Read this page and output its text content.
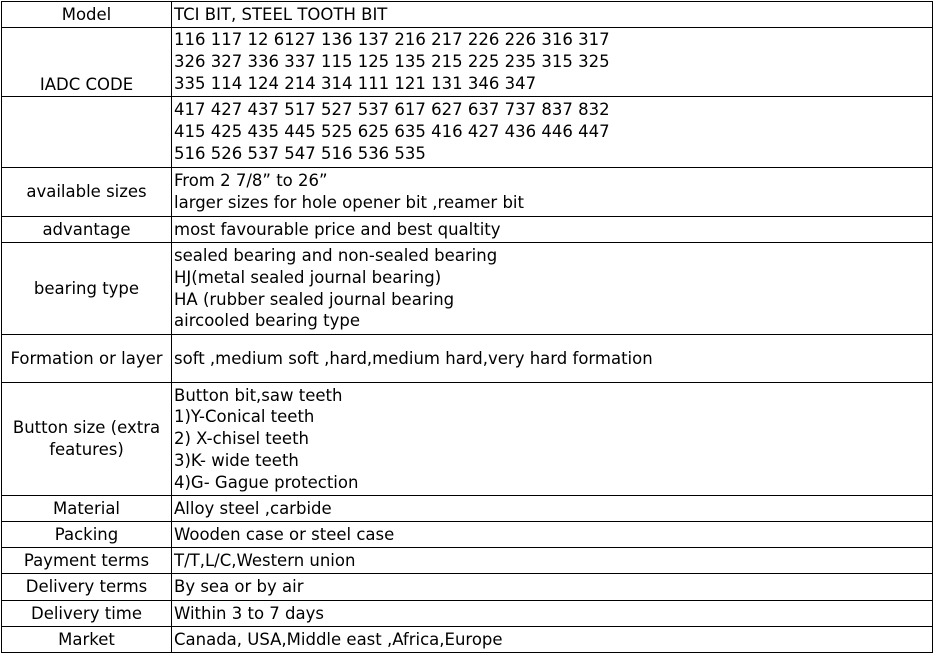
Model	TCI BIT, STEEL TOOTH BIT

IADC CODE	116 117 12 6127 136 137 216 217 226 226 316 317
326 327 336 337 115 125 135 215 225 235 315 325
335 114 124 214 314 111 121 131 346 347

	417 427 437 517 527 537 617 627 637 737 837 832
415 425 435 445 525 625 635 416 427 436 446 447
516 526 537 547 516 536 535

available sizes	From 2 7/8” to 26”
larger sizes for hole opener bit ,reamer bit

advantage	most favourable price and best qualtity

bearing type	sealed bearing and non-sealed bearing
HJ(metal sealed journal bearing)
HA (rubber sealed journal bearing
aircooled bearing type

Formation or layer	soft ,medium soft ,hard,medium hard,very hard formation

Button size (extra features)	Button bit,saw teeth
1)Y-Conical teeth
2) X-chisel teeth
3)K- wide teeth
4)G- Gague protection

Material	Alloy steel ,carbide

Packing	Wooden case or steel case

Payment terms	T/T,L/C,Western union

Delivery terms	By sea or by air

Delivery time	Within 3 to 7 days

Market	Canada, USA,Middle east ,Africa,Europe
